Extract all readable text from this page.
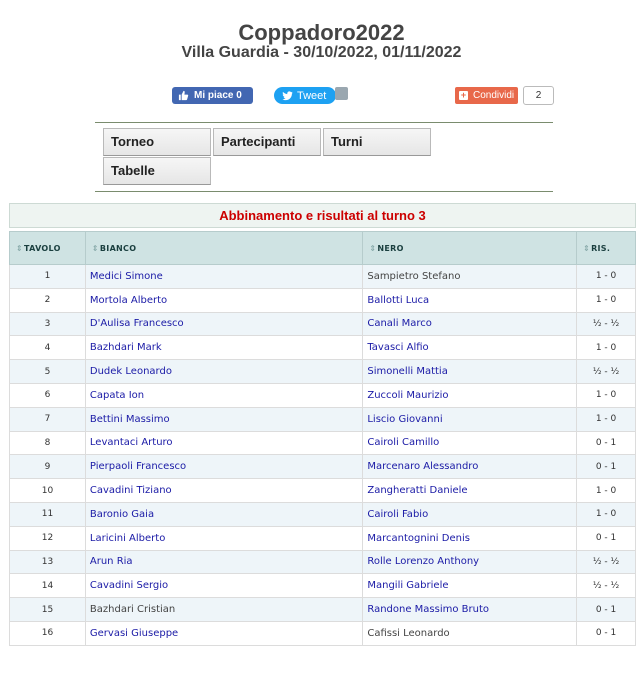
Coppadoro2022
Villa Guardia - 30/10/2022, 01/11/2022
Mi piace 0	Tweet	+ Condividi	2
Torneo	Partecipanti	Turni
Tabelle
Abbinamento e risultati al turno 3
⇕TAVOLO	⇕BIANCO	⇕NERO	⇕RIS.
1	Medici Simone	Sampietro Stefano	1 - 0
2	Mortola Alberto	Ballotti Luca	1 - 0
3	D'Aulisa Francesco	Canali Marco	½ - ½
4	Bazhdari Mark	Tavasci Alfio	1 - 0
5	Dudek Leonardo	Simonelli Mattia	½ - ½
6	Capata Ion	Zuccoli Maurizio	1 - 0
7	Bettini Massimo	Liscio Giovanni	1 - 0
8	Levantaci Arturo	Cairoli Camillo	0 - 1
9	Pierpaoli Francesco	Marcenaro Alessandro	0 - 1
10	Cavadini Tiziano	Zangheratti Daniele	1 - 0
11	Baronio Gaia	Cairoli Fabio	1 - 0
12	Laricini Alberto	Marcantognini Denis	0 - 1
13	Arun Ria	Rolle Lorenzo Anthony	½ - ½
14	Cavadini Sergio	Mangili Gabriele	½ - ½
15	Bazhdari Cristian	Randone Massimo Bruto	0 - 1
16	Gervasi Giuseppe	Cafissi Leonardo	0 - 1
